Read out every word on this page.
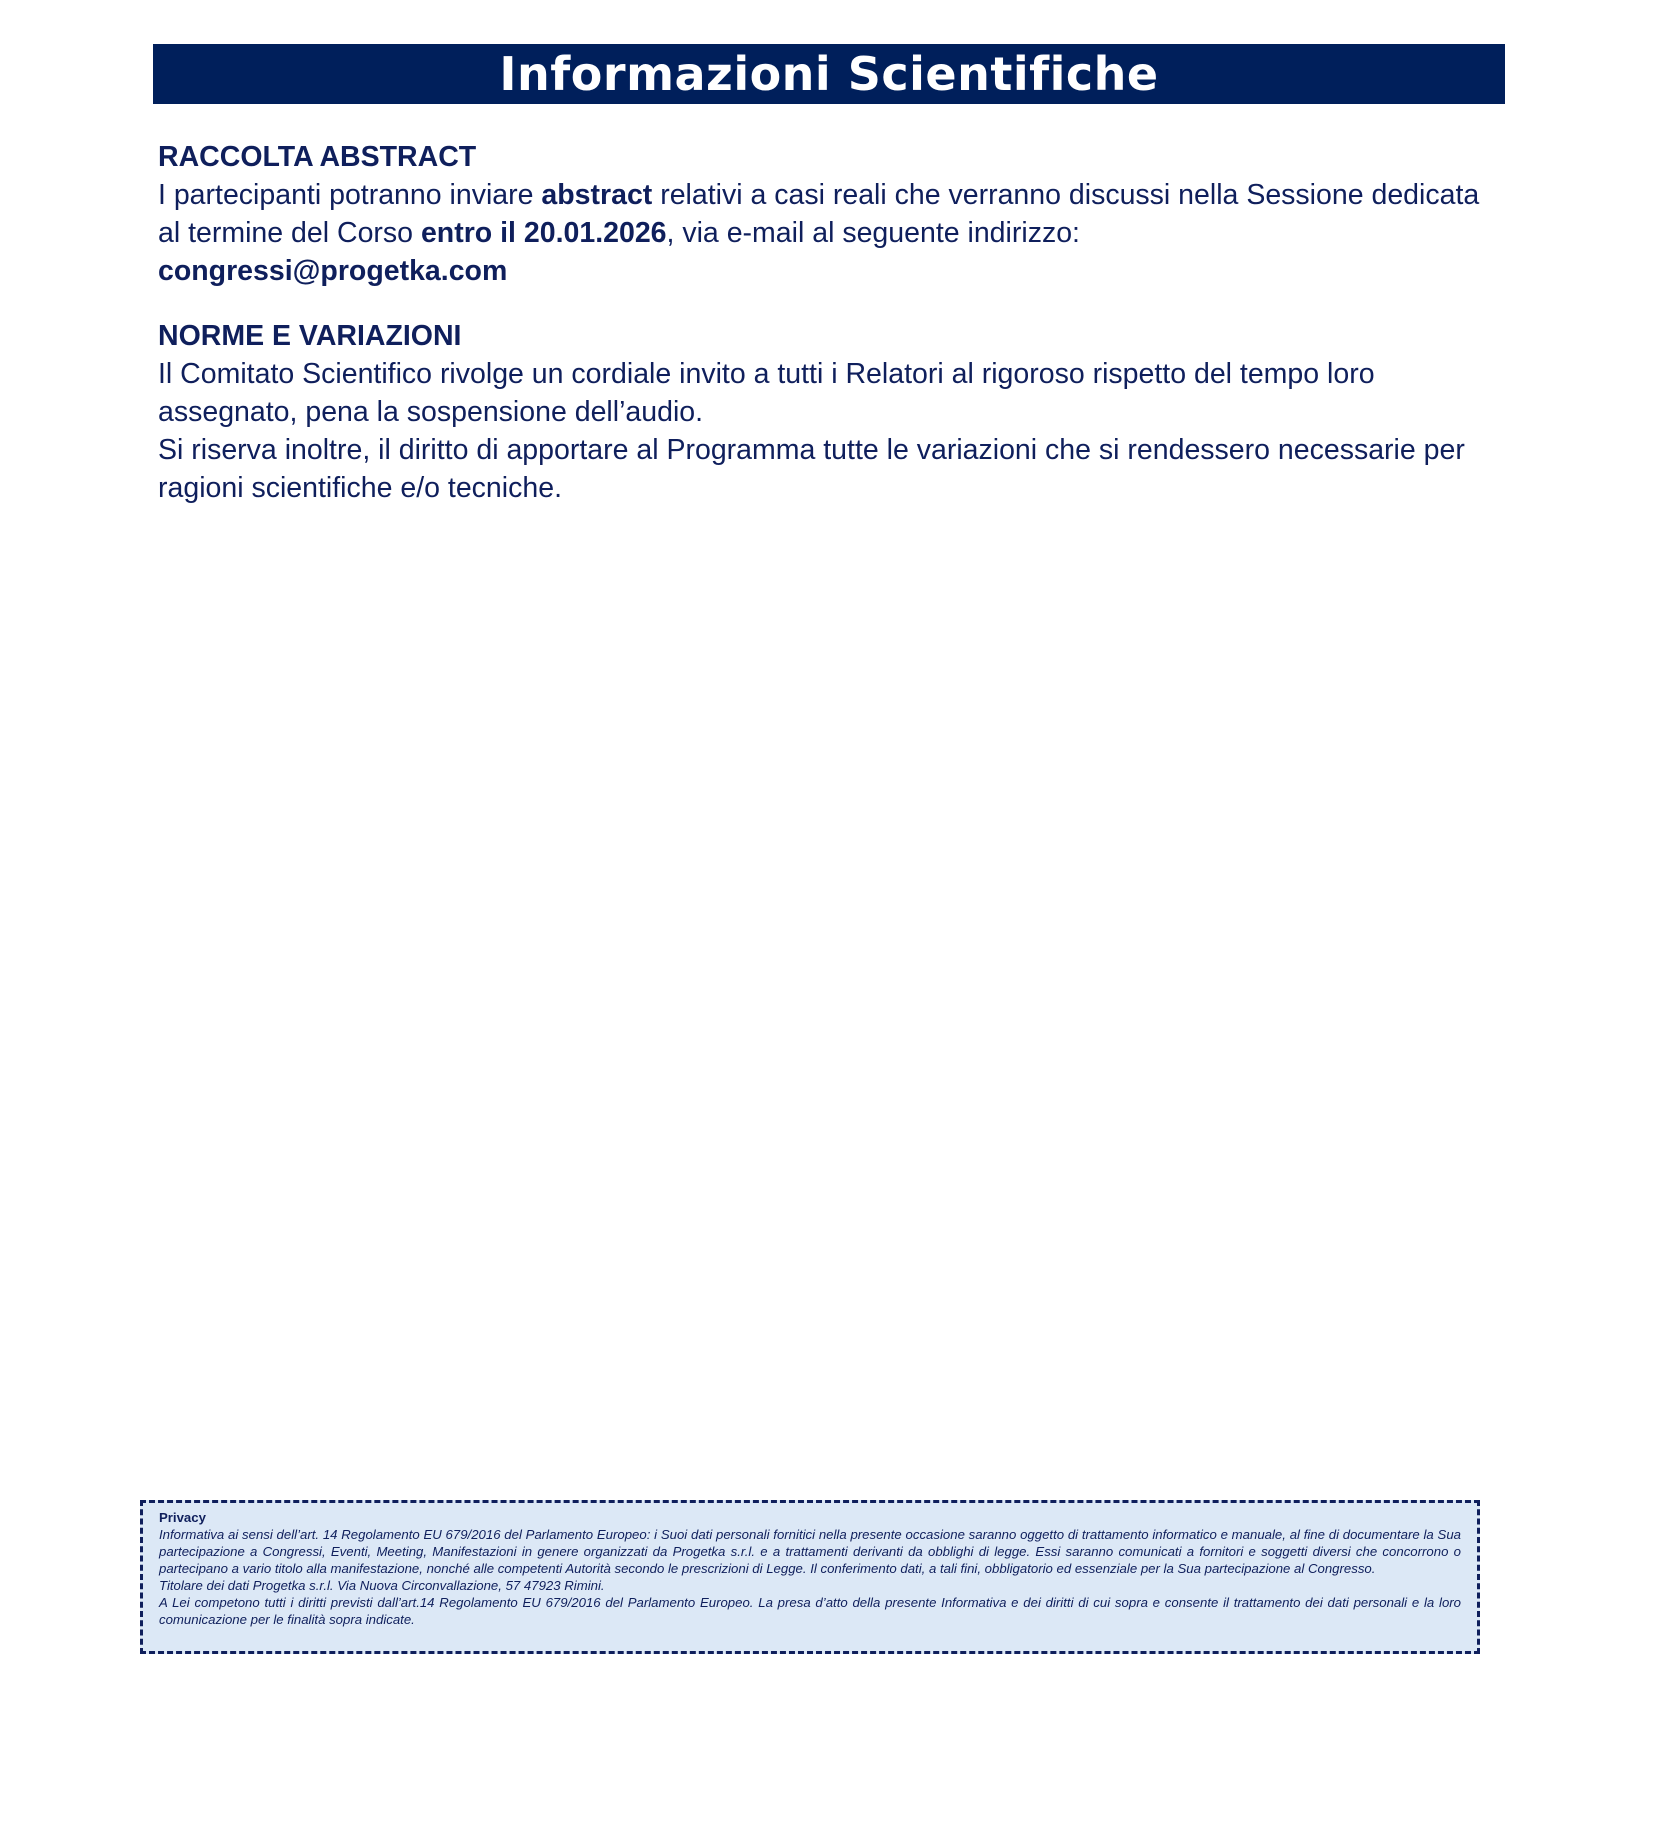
Informazioni Scientifiche
RACCOLTA ABSTRACT

I partecipanti potranno inviare abstract relativi a casi reali che verranno discussi nella Sessione dedicata al termine del Corso entro il 20.01.2026, via e-mail al seguente indirizzo:

congressi@progetka.com

NORME E VARIAZIONI

Il Comitato Scientifico rivolge un cordiale invito a tutti i Relatori al rigoroso rispetto del tempo loro assegnato, pena la sospensione dell’audio.

Si riserva inoltre, il diritto di apportare al Programma tutte le variazioni che si rendessero necessarie per ragioni scientifiche e/o tecniche.

Privacy
Informativa ai sensi dell’art. 14 Regolamento EU 679/2016 del Parlamento Europeo: i Suoi dati personali forniticі nella presente occasione saranno oggetto di trattamento informatico e manuale, al fine di documentare la Sua partecipazione a Congressi, Eventi, Meeting, Manifestazioni in genere organizzati da Progetka s.r.l. e a trattamenti derivanti da obblighi di legge. Essi saranno comunicati a fornitori e soggetti diversi che concorrono o partecipano a vario titolo alla manifestazione, nonché alle competenti Autorità secondo le prescrizioni di Legge. Il conferimento dati, a tali fini, obbligatorio ed essenziale per la Sua partecipazione al Congresso.
Titolare dei dati Progetka s.r.l. Via Nuova Circonvallazione, 57 47923 Rimini.
A Lei competono tutti i diritti previsti dall’art.14 Regolamento EU 679/2016 del Parlamento Europeo. La presa d’atto della presente Informativa e dei diritti di cui sopra e consente il trattamento dei dati personali e la loro comunicazione per le finalità sopra indicate.
